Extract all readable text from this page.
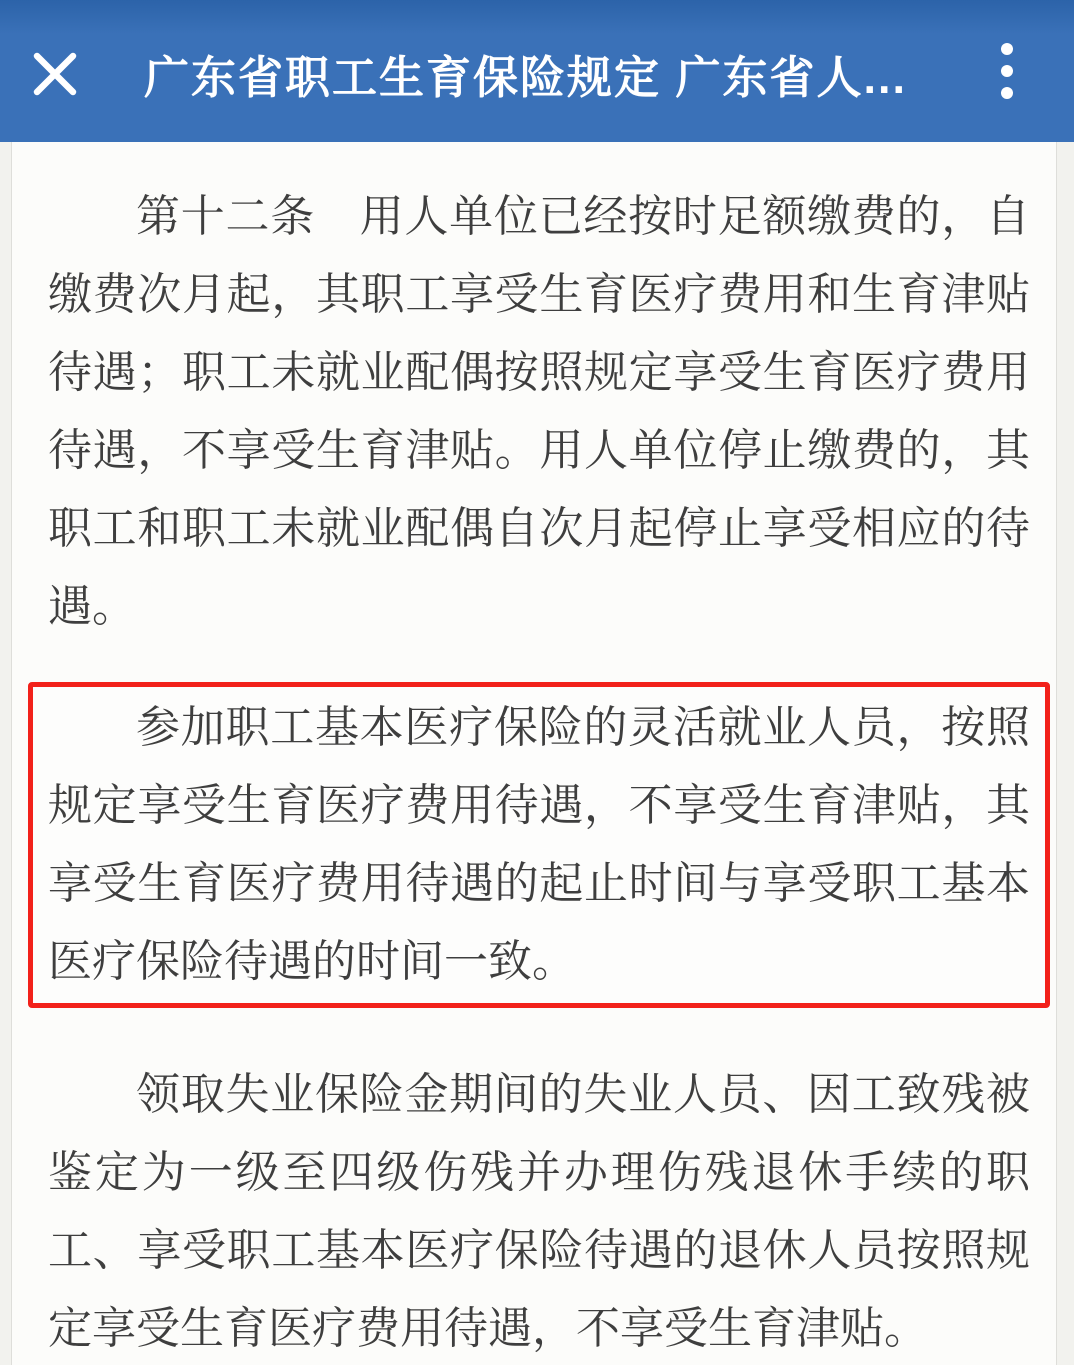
广东省职工生育保险规定 广东省人...

第十二条　用人单位已经按时足额缴费的，自缴费次月起，其职工享受生育医疗费用和生育津贴待遇；职工未就业配偶按照规定享受生育医疗费用待遇，不享受生育津贴。用人单位停止缴费的，其职工和职工未就业配偶自次月起停止享受相应的待遇。

参加职工基本医疗保险的灵活就业人员，按照规定享受生育医疗费用待遇，不享受生育津贴，其享受生育医疗费用待遇的起止时间与享受职工基本医疗保险待遇的时间一致。

领取失业保险金期间的失业人员、因工致残被鉴定为一级至四级伤残并办理伤残退休手续的职工、享受职工基本医疗保险待遇的退休人员按照规定享受生育医疗费用待遇，不享受生育津贴。
